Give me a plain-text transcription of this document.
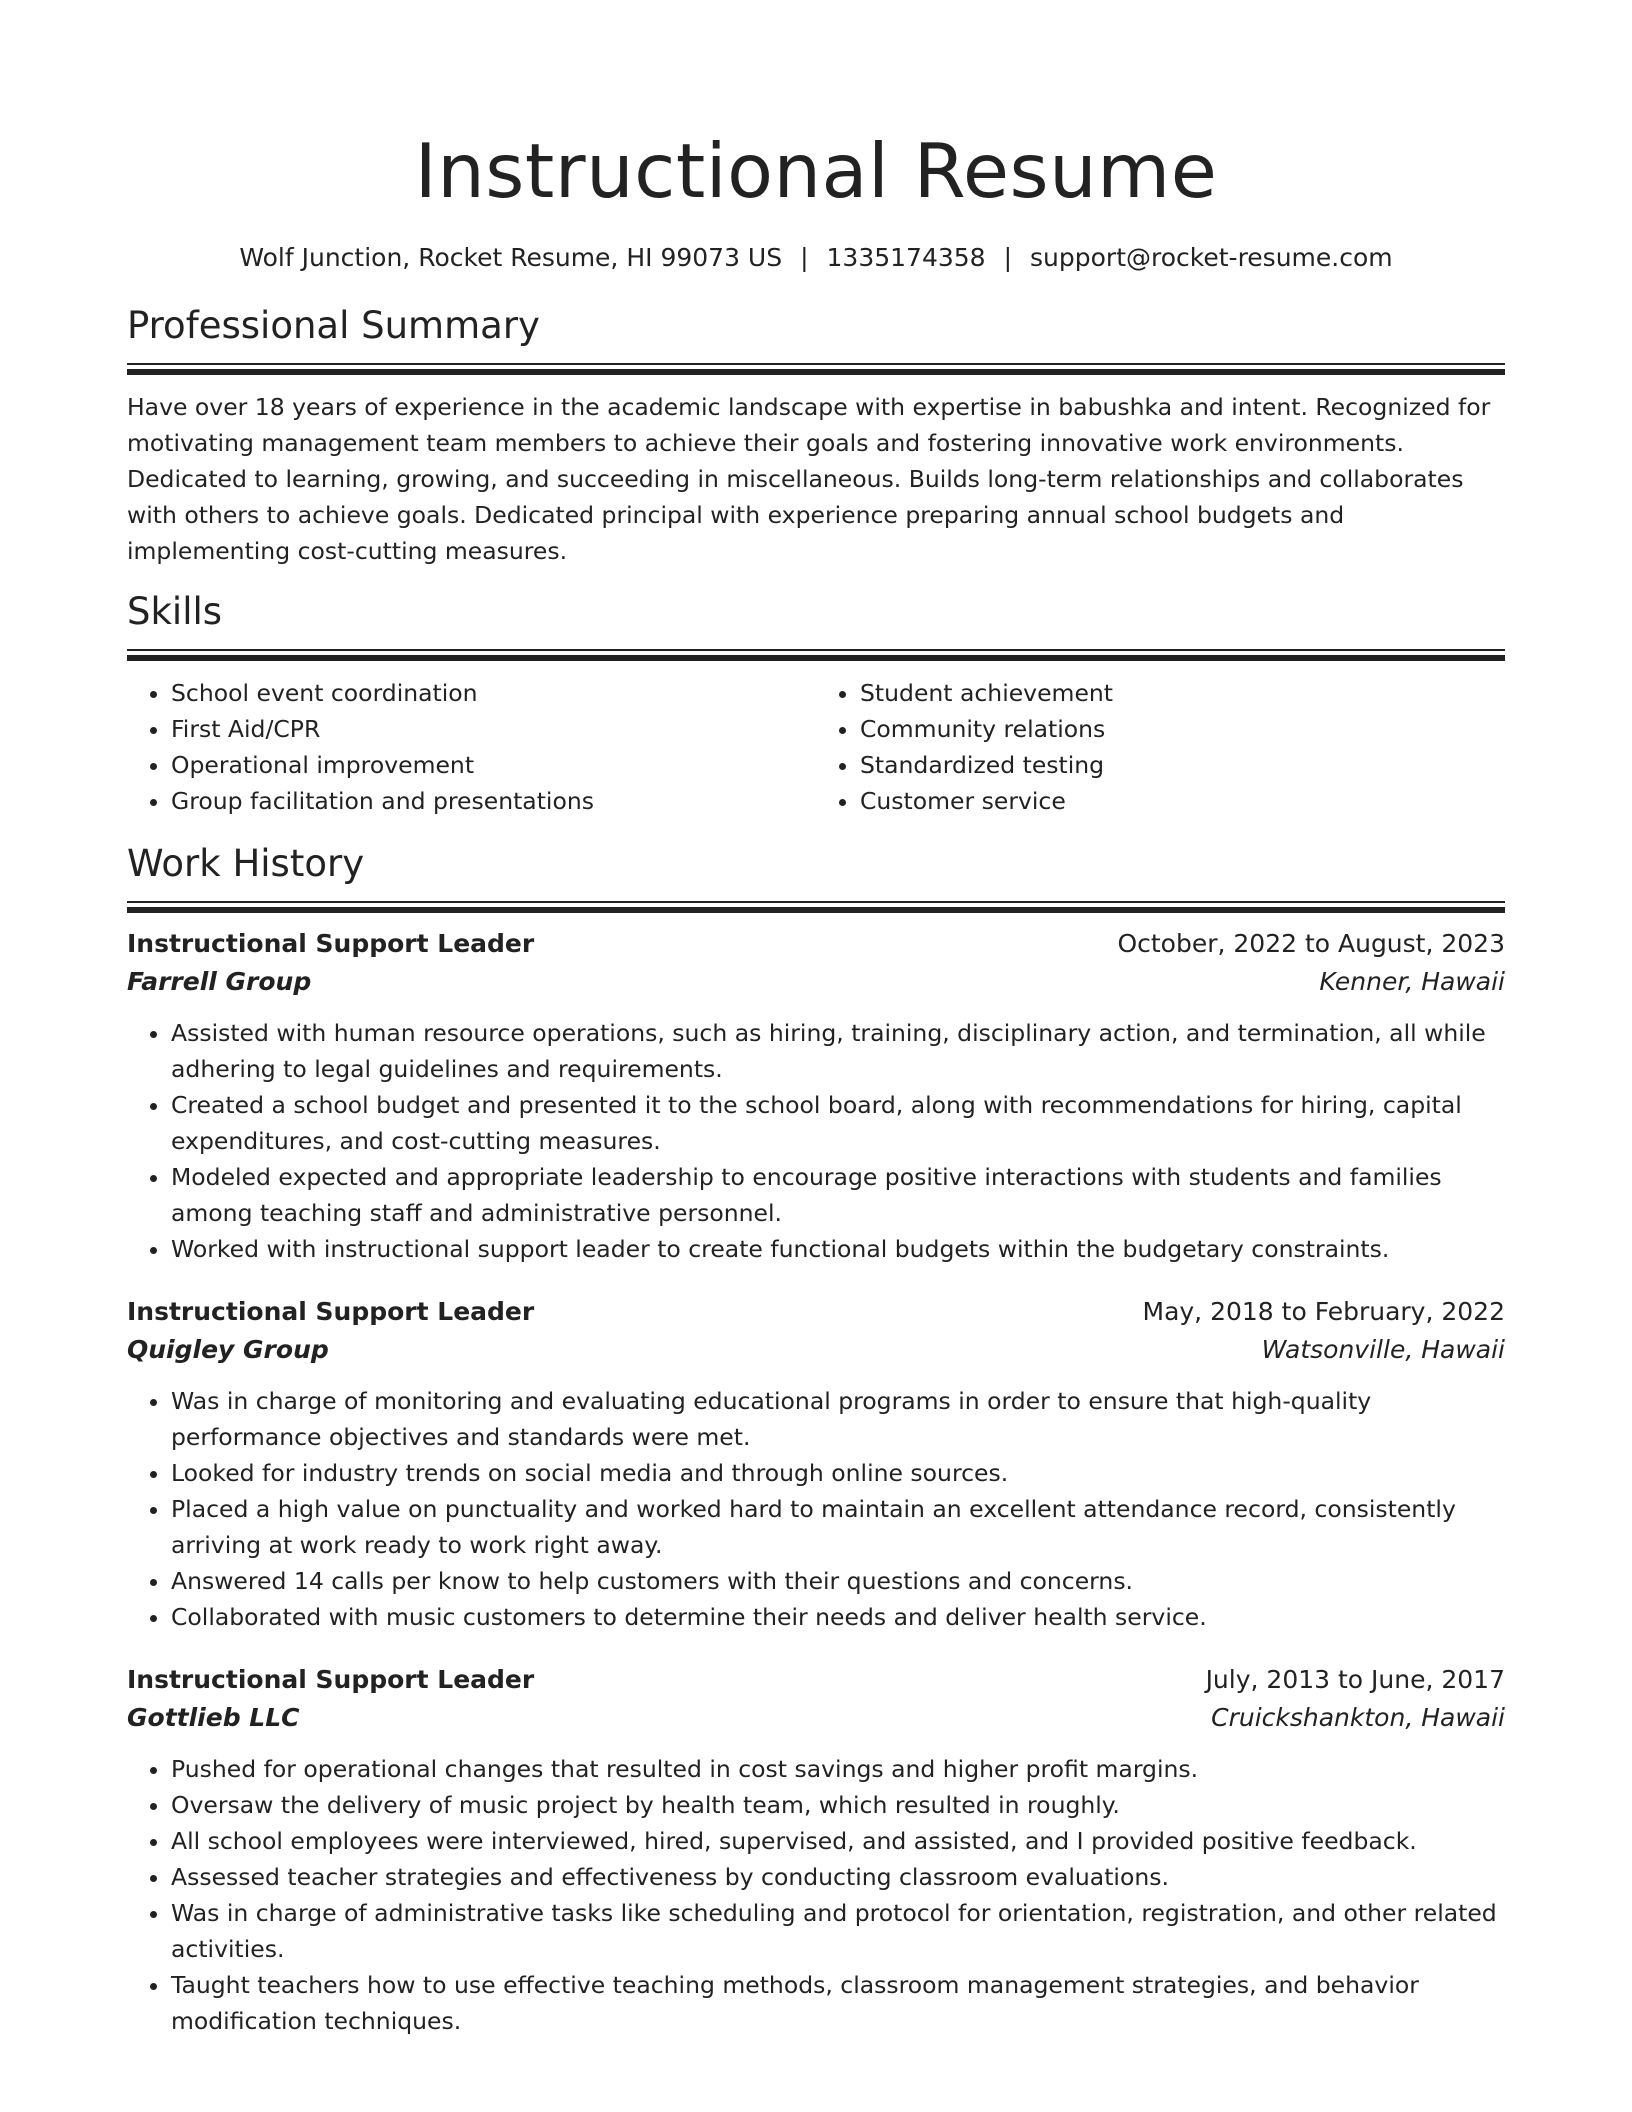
Instructional Resume
Wolf Junction, Rocket Resume, HI 99073 US | 1335174358 | support@rocket-resume.com
Professional Summary

Have over 18 years of experience in the academic landscape with expertise in babushka and intent. Recognized for motivating management team members to achieve their goals and fostering innovative work environments. Dedicated to learning, growing, and succeeding in miscellaneous. Builds long-term relationships and collaborates with others to achieve goals. Dedicated principal with experience preparing annual school budgets and implementing cost-cutting measures.

Skills
• School event coordination
• First Aid/CPR
• Operational improvement
• Group facilitation and presentations
• Student achievement
• Community relations
• Standardized testing
• Customer service
Work History
Instructional Support Leader	October, 2022 to August, 2023
Farrell Group	Kenner, Hawaii
• Assisted with human resource operations, such as hiring, training, disciplinary action, and termination, all while adhering to legal guidelines and requirements.
• Created a school budget and presented it to the school board, along with recommendations for hiring, capital expenditures, and cost-cutting measures.
• Modeled expected and appropriate leadership to encourage positive interactions with students and families among teaching staff and administrative personnel.
• Worked with instructional support leader to create functional budgets within the budgetary constraints.
Instructional Support Leader	May, 2018 to February, 2022
Quigley Group	Watsonville, Hawaii
• Was in charge of monitoring and evaluating educational programs in order to ensure that high-quality performance objectives and standards were met.
• Looked for industry trends on social media and through online sources.
• Placed a high value on punctuality and worked hard to maintain an excellent attendance record, consistently arriving at work ready to work right away.
• Answered 14 calls per know to help customers with their questions and concerns.
• Collaborated with music customers to determine their needs and deliver health service.
Instructional Support Leader	July, 2013 to June, 2017
Gottlieb LLC	Cruickshankton, Hawaii
• Pushed for operational changes that resulted in cost savings and higher profit margins.
• Oversaw the delivery of music project by health team, which resulted in roughly.
• All school employees were interviewed, hired, supervised, and assisted, and I provided positive feedback.
• Assessed teacher strategies and effectiveness by conducting classroom evaluations.
• Was in charge of administrative tasks like scheduling and protocol for orientation, registration, and other related activities.
• Taught teachers how to use effective teaching methods, classroom management strategies, and behavior modification techniques.
